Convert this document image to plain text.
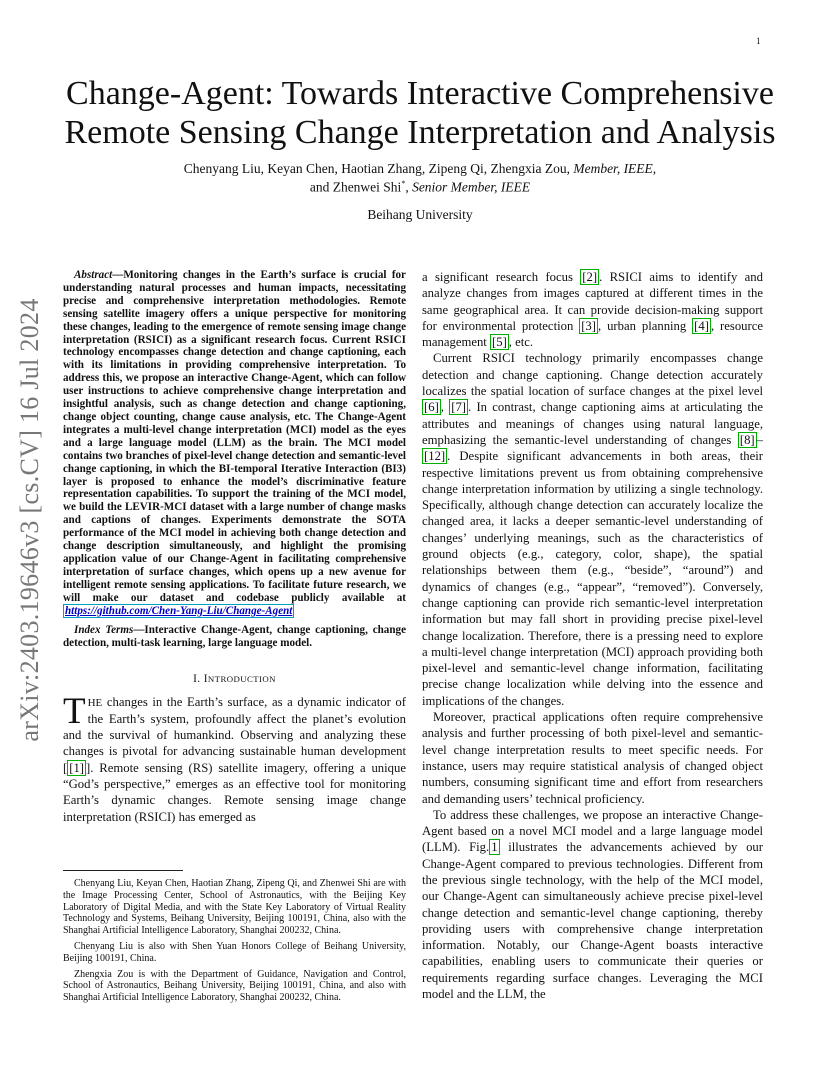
arXiv:2403.19646v3 [cs.CV] 16 Jul 2024
1
Change-Agent: Towards Interactive Comprehensive
Remote Sensing Change Interpretation and Analysis
Chenyang Liu, Keyan Chen, Haotian Zhang, Zipeng Qi, Zhengxia Zou, Member, IEEE,
and Zhenwei Shi*, Senior Member, IEEE
Beihang University

Abstract—Monitoring changes in the Earth’s surface is crucial for understanding natural processes and human impacts, necessitating precise and comprehensive interpretation methodologies. Remote sensing satellite imagery offers a unique perspective for monitoring these changes, leading to the emergence of remote sensing image change interpretation (RSICI) as a significant research focus. Current RSICI technology encompasses change detection and change captioning, each with its limitations in providing comprehensive interpretation. To address this, we propose an interactive Change-Agent, which can follow user instructions to achieve comprehensive change interpretation and insightful analysis, such as change detection and change captioning, change object counting, change cause analysis, etc. The Change-Agent integrates a multi-level change interpretation (MCI) model as the eyes and a large language model (LLM) as the brain. The MCI model contains two branches of pixel-level change detection and semantic-level change captioning, in which the BI-temporal Iterative Interaction (BI3) layer is proposed to enhance the model’s discriminative feature representation capabilities. To support the training of the MCI model, we build the LEVIR-MCI dataset with a large number of change masks and captions of changes. Experiments demonstrate the SOTA performance of the MCI model in achieving both change detection and change description simultaneously, and highlight the promising application value of our Change-Agent in facilitating comprehensive interpretation of surface changes, which opens up a new avenue for intelligent remote sensing applications. To facilitate future research, we will make our dataset and codebase publicly available at https://github.com/Chen-Yang-Liu/Change-Agent

Index Terms—Interactive Change-Agent, change captioning, change detection, multi-task learning, large language model.

I. INTRODUCTION

THE changes in the Earth’s surface, as a dynamic indicator of the Earth’s system, profoundly affect the planet’s evolution and the survival of humankind. Observing and analyzing these changes is pivotal for advancing sustainable human development [ [1] ]. Remote sensing (RS) satellite imagery, offering a unique “God’s perspective,” emerges as an effective tool for monitoring Earth’s dynamic changes. Remote sensing image change interpretation (RSICI) has emerged as

Chenyang Liu, Keyan Chen, Haotian Zhang, Zipeng Qi, and Zhenwei Shi are with the Image Processing Center, School of Astronautics, with the Beijing Key Laboratory of Digital Media, and with the State Key Laboratory of Virtual Reality Technology and Systems, Beihang University, Beijing 100191, China, also with the Shanghai Artificial Intelligence Laboratory, Shanghai 200232, China.

Chenyang Liu is also with Shen Yuan Honors College of Beihang University, Beijing 100191, China.

Zhengxia Zou is with the Department of Guidance, Navigation and Control, School of Astronautics, Beihang University, Beijing 100191, China, and also with Shanghai Artificial Intelligence Laboratory, Shanghai 200232, China.

a significant research focus [2] . RSICI aims to identify and analyze changes from images captured at different times in the same geographical area. It can provide decision-making support for environmental protection [3] , urban planning [4] , resource management [5] , etc.

Current RSICI technology primarily encompasses change detection and change captioning. Change detection accurately localizes the spatial location of surface changes at the pixel level [6] , [7] . In contrast, change captioning aims at articulating the attributes and meanings of changes using natural language, emphasizing the semantic-level understanding of changes [8] –[12] . Despite significant advancements in both areas, their respective limitations prevent us from obtaining comprehensive change interpretation information by utilizing a single technology. Specifically, although change detection can accurately localize the changed area, it lacks a deeper semantic-level understanding of changes’ underlying meanings, such as the characteristics of ground objects (e.g., category, color, shape), the spatial relationships between them (e.g., “beside”, “around”) and dynamics of changes (e.g., “appear”, “removed”). Conversely, change captioning can provide rich semantic-level interpretation information but may fall short in providing precise pixel-level change localization. Therefore, there is a pressing need to explore a multi-level change interpretation (MCI) approach providing both pixel-level and semantic-level change information, facilitating precise change localization while delving into the essence and implications of the changes.

Moreover, practical applications often require comprehensive analysis and further processing of both pixel-level and semantic-level change interpretation results to meet specific needs. For instance, users may require statistical analysis of changed object numbers, consuming significant time and effort from researchers and demanding users’ technical proficiency.

To address these challenges, we propose an interactive Change-Agent based on a novel MCI model and a large language model (LLM). Fig. 1 illustrates the advancements achieved by our Change-Agent compared to previous technologies. Different from the previous single technology, with the help of the MCI model, our Change-Agent can simultaneously achieve precise pixel-level change detection and semantic-level change captioning, thereby providing users with comprehensive change interpretation information. Notably, our Change-Agent boasts interactive capabilities, enabling users to communicate their queries or requirements regarding surface changes. Leveraging the MCI model and the LLM, the
